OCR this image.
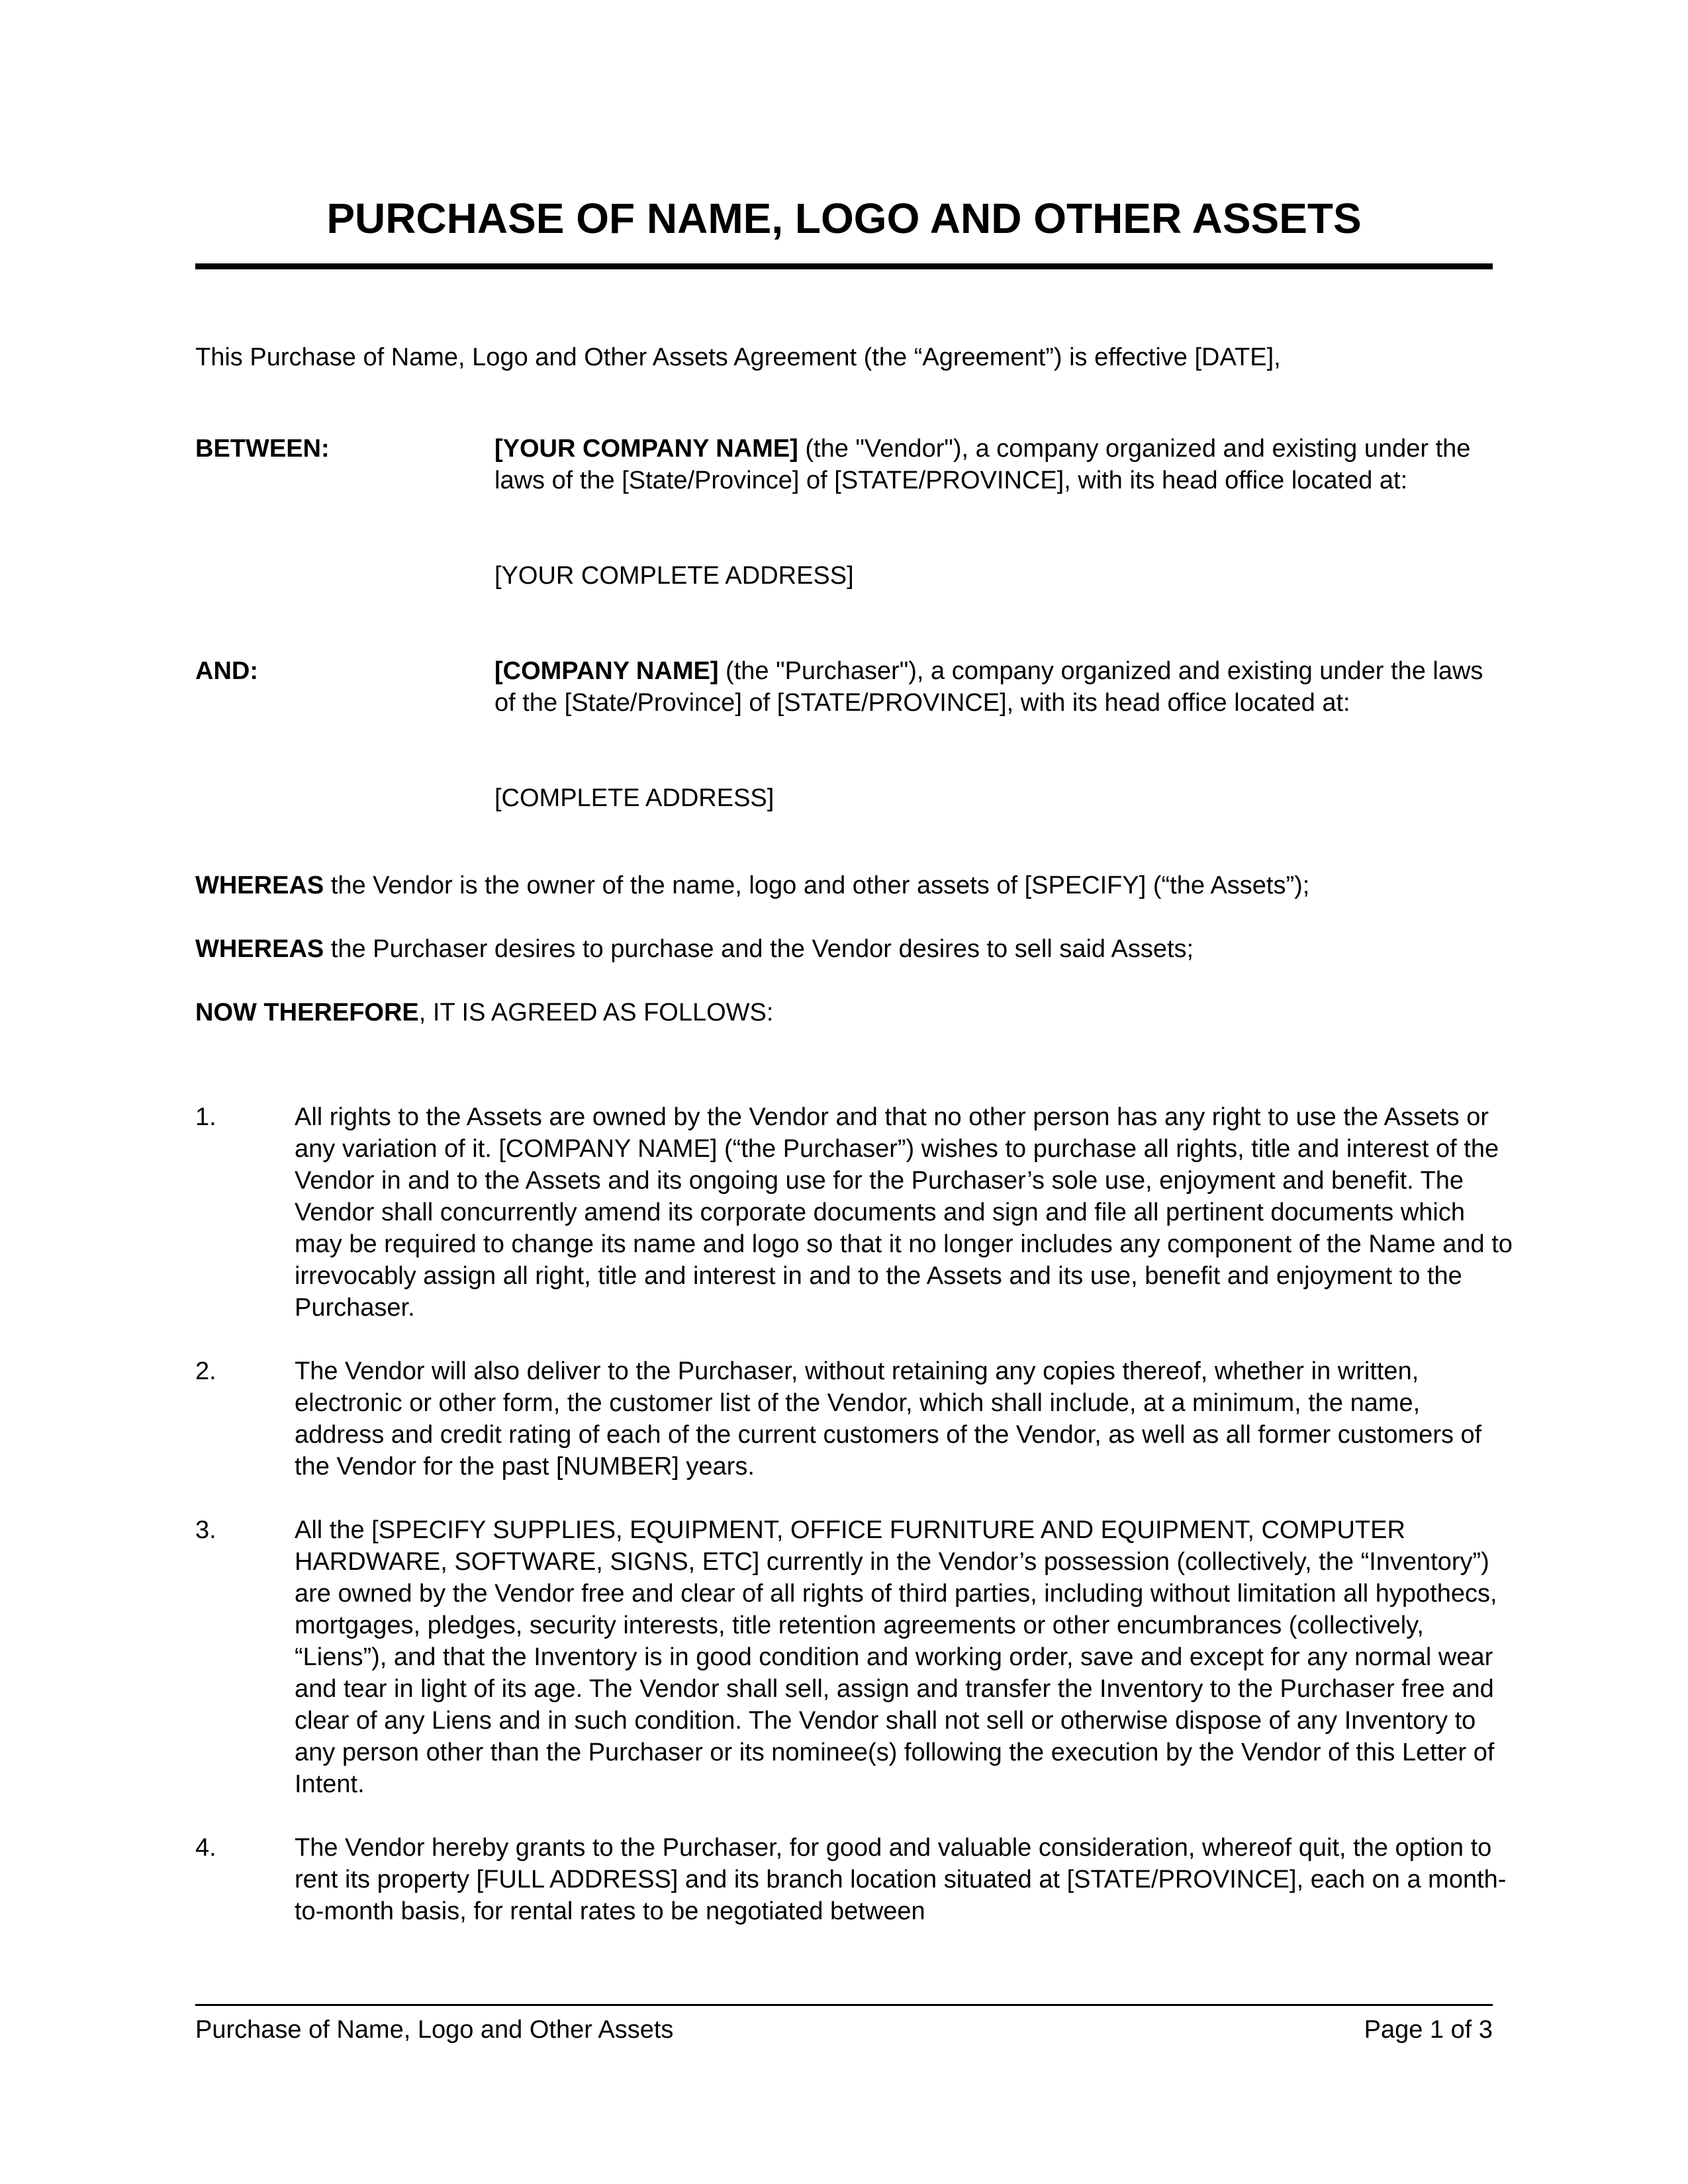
PURCHASE OF NAME, LOGO AND OTHER ASSETS

This Purchase of Name, Logo and Other Assets Agreement (the “Agreement”) is effective [DATE],

BETWEEN:	[YOUR COMPANY NAME] (the "Vendor"), a company organized and existing under the laws of the [State/Province] of [STATE/PROVINCE], with its head office located at:
[YOUR COMPLETE ADDRESS]
AND:	[COMPANY NAME] (the "Purchaser"), a company organized and existing under the laws of the [State/Province] of [STATE/PROVINCE], with its head office located at:
[COMPLETE ADDRESS]
WHEREAS the Vendor is the owner of the name, logo and other assets of [SPECIFY] (“the Assets”);
WHEREAS the Purchaser desires to purchase and the Vendor desires to sell said Assets;
NOW THEREFORE, IT IS AGREED AS FOLLOWS:
1.	All rights to the Assets are owned by the Vendor and that no other person has any right to use the Assets or any variation of it. [COMPANY NAME] (“the Purchaser”) wishes to purchase all rights, title and interest of the Vendor in and to the Assets and its ongoing use for the Purchaser’s sole use, enjoyment and benefit. The Vendor shall concurrently amend its corporate documents and sign and file all pertinent documents which may be required to change its name and logo so that it no longer includes any component of the Name and to irrevocably assign all right, title and interest in and to the Assets and its use, benefit and enjoyment to the Purchaser.
2.	The Vendor will also deliver to the Purchaser, without retaining any copies thereof, whether in written, electronic or other form, the customer list of the Vendor, which shall include, at a minimum, the name, address and credit rating of each of the current customers of the Vendor, as well as all former customers of the Vendor for the past [NUMBER] years.
3.	All the [SPECIFY SUPPLIES, EQUIPMENT, OFFICE FURNITURE AND EQUIPMENT, COMPUTER HARDWARE, SOFTWARE, SIGNS, ETC] currently in the Vendor’s possession (collectively, the “Inventory”) are owned by the Vendor free and clear of all rights of third parties, including without limitation all hypothecs, mortgages, pledges, security interests, title retention agreements or other encumbrances (collectively, “Liens”), and that the Inventory is in good condition and working order, save and except for any normal wear and tear in light of its age. The Vendor shall sell, assign and transfer the Inventory to the Purchaser free and clear of any Liens and in such condition. The Vendor shall not sell or otherwise dispose of any Inventory to any person other than the Purchaser or its nominee(s) following the execution by the Vendor of this Letter of Intent.
4.	The Vendor hereby grants to the Purchaser, for good and valuable consideration, whereof quit, the option to rent its property [FULL ADDRESS] and its branch location situated at [STATE/PROVINCE], each on a month-to-month basis, for rental rates to be negotiated between
Purchase of Name, Logo and Other Assets	Page 1 of 3
